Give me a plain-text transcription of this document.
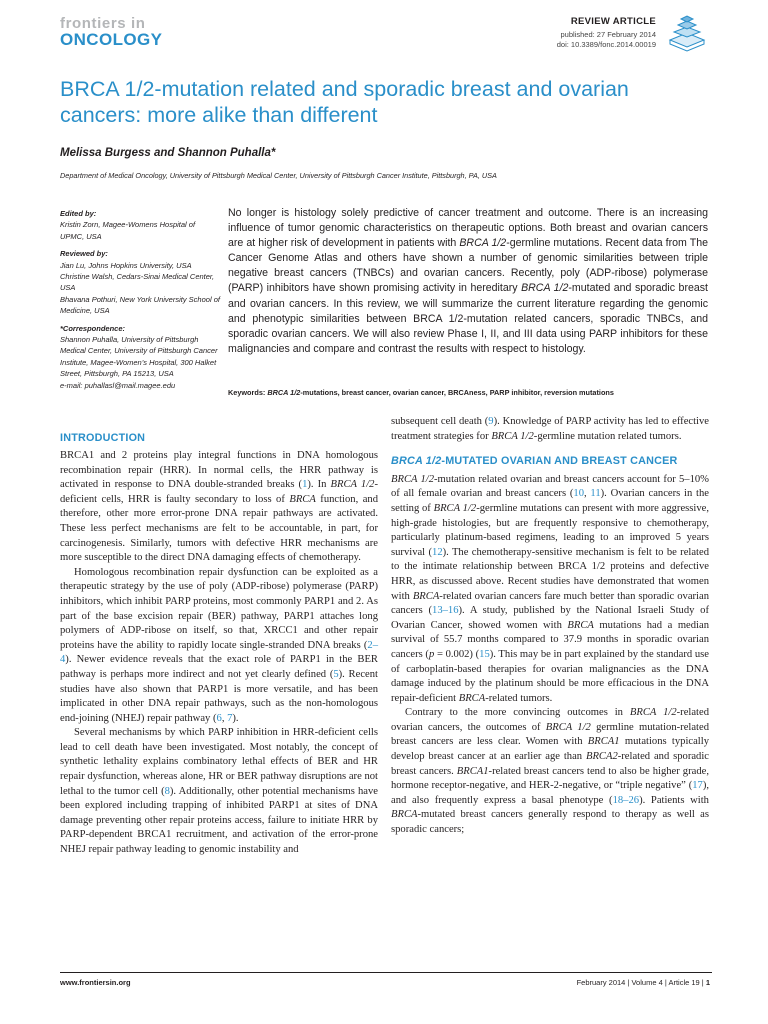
frontiers in
ONCOLOGY
REVIEW ARTICLE
published: 27 February 2014
doi: 10.3389/fonc.2014.00019
BRCA 1/2-mutation related and sporadic breast and ovarian cancers: more alike than different
Melissa Burgess and Shannon Puhalla*
Department of Medical Oncology, University of Pittsburgh Medical Center, University of Pittsburgh Cancer Institute, Pittsburgh, PA, USA
Edited by:
Kristin Zorn, Magee-Womens Hospital of UPMC, USA
Reviewed by:
Jian Lu, Johns Hopkins University, USA
Christine Walsh, Cedars-Sinai Medical Center, USA
Bhavana Pothuri, New York University School of Medicine, USA
*Correspondence:
Shannon Puhalla, University of Pittsburgh Medical Center, University of Pittsburgh Cancer Institute, Magee-Women’s Hospital, 300 Halket Street, Pittsburgh, PA 15213, USA
e-mail: puhallasl@mail.magee.edu

No longer is histology solely predictive of cancer treatment and outcome. There is an increasing influence of tumor genomic characteristics on therapeutic options. Both breast and ovarian cancers are at higher risk of development in patients with BRCA 1/2-germline mutations. Recent data from The Cancer Genome Atlas and others have shown a number of genomic similarities between triple negative breast cancers (TNBCs) and ovarian cancers. Recently, poly (ADP-ribose) polymerase (PARP) inhibitors have shown promising activity in hereditary BRCA 1/2-mutated and sporadic breast and ovarian cancers. In this review, we will summarize the current literature regarding the genomic and phenotypic similarities between BRCA 1/2-mutation related cancers, sporadic TNBCs, and sporadic ovarian cancers. We will also review Phase I, II, and III data using PARP inhibitors for these malignancies and compare and contrast the results with respect to histology.

Keywords: BRCA 1/2-mutations, breast cancer, ovarian cancer, BRCAness, PARP inhibitor, reversion mutations
INTRODUCTION

BRCA1 and 2 proteins play integral functions in DNA homologous recombination repair (HRR). In normal cells, the HRR pathway is activated in response to DNA double-stranded breaks (1). In BRCA 1/2-deficient cells, HRR is faulty secondary to loss of BRCA function, and therefore, other more error-prone DNA repair pathways are activated. These less perfect mechanisms are felt to be accountable, in part, for carcinogenesis. Similarly, tumors with defective HRR mechanisms are more susceptible to the direct DNA damaging effects of chemotherapy.

Homologous recombination repair dysfunction can be exploited as a therapeutic strategy by the use of poly (ADP-ribose) polymerase (PARP) inhibitors, which inhibit PARP proteins, most commonly PARP1 and 2. As part of the base excision repair (BER) pathway, PARP1 attaches long polymers of ADP-ribose on itself, so that, XRCC1 and other repair proteins have the ability to rapidly locate single-stranded DNA breaks (2–4). Newer evidence reveals that the exact role of PARP1 in the BER pathway is perhaps more indirect and not yet clearly defined (5). Recent studies have also shown that PARP1 is more versatile, and has been implicated in other DNA repair pathways, such as the non-homologous end-joining (NHEJ) repair pathway (6, 7).

Several mechanisms by which PARP inhibition in HRR-deficient cells lead to cell death have been investigated. Most notably, the concept of synthetic lethality explains combinatory lethal effects of BER and HR repair dysfunction, whereas alone, HR or BER pathway disruptions are not lethal to the tumor cell (8). Additionally, other potential mechanisms have been explored including trapping of inhibited PARP1 at sites of DNA damage preventing other repair proteins access, failure to initiate HRR by PARP-dependent BRCA1 recruitment, and activation of the error-prone NHEJ repair pathway leading to genomic instability and

subsequent cell death (9). Knowledge of PARP activity has led to effective treatment strategies for BRCA 1/2-germline mutation related tumors.

BRCA 1/2-MUTATED OVARIAN AND BREAST CANCER

BRCA 1/2-mutation related ovarian and breast cancers account for 5–10% of all female ovarian and breast cancers (10, 11). Ovarian cancers in the setting of BRCA 1/2-germline mutations can present with more aggressive, high-grade histologies, but are frequently responsive to chemotherapy, particularly platinum-based regimens, leading to an improved 5 years survival (12). The chemotherapy-sensitive mechanism is felt to be related to the intimate relationship between BRCA 1/2 proteins and defective HRR, as discussed above. Recent studies have demonstrated that women with BRCA-related ovarian cancers fare much better than sporadic ovarian cancers (13–16). A study, published by the National Israeli Study of Ovarian Cancer, showed women with BRCA mutations had a median survival of 55.7 months compared to 37.9 months in sporadic ovarian cancers (p = 0.002) (15). This may be in part explained by the standard use of carboplatin-based therapies for ovarian malignancies as the DNA damage induced by the platinum should be more efficacious in the DNA repair-deficient BRCA-related tumors.

Contrary to the more convincing outcomes in BRCA 1/2-related ovarian cancers, the outcomes of BRCA 1/2 germline mutation-related breast cancers are less clear. Women with BRCA1 mutations typically develop breast cancer at an earlier age than BRCA2-related and sporadic breast cancers. BRCA1-related breast cancers tend to also be higher grade, hormone receptor-negative, and HER-2-negative, or “triple negative” (17), and also frequently express a basal phenotype (18–26). Patients with BRCA-mutated breast cancers generally respond to therapy as well as sporadic cancers;

www.frontiersin.org	February 2014 | Volume 4 | Article 19 | 1
